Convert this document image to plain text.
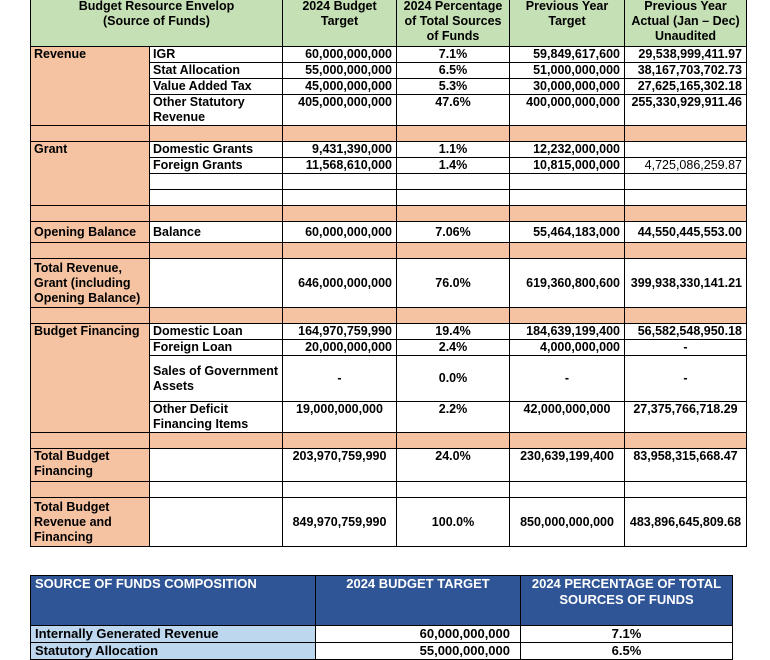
Budget Resource Envelop
(Source of Funds)		2024 Budget Target	2024 Percentage of Total Sources of Funds	Previous Year Target	Previous Year Actual (Jan – Dec) Unaudited
Revenue	IGR	60,000,000,000	7.1%	59,849,617,600	29,538,999,411.97
	Stat Allocation	55,000,000,000	6.5%	51,000,000,000	38,167,703,702.73
	Value Added Tax	45,000,000,000	5.3%	30,000,000,000	27,625,165,302.18
	Other Statutory Revenue	405,000,000,000	47.6%	400,000,000,000	255,330,929,911.46

Grant	Domestic Grants	9,431,390,000	1.1%	12,232,000,000	
	Foreign Grants	11,568,610,000	1.4%	10,815,000,000	4,725,086,259.87

Opening Balance	Balance	60,000,000,000	7.06%	55,464,183,000	44,550,445,553.00

Total Revenue, Grant (including Opening Balance)		646,000,000,000	76.0%	619,360,800,600	399,938,330,141.21

Budget Financing	Domestic Loan	164,970,759,990	19.4%	184,639,199,400	56,582,548,950.18
	Foreign Loan	20,000,000,000	2.4%	4,000,000,000	-
	Sales of Government Assets	-	0.0%	-	-
	Other Deficit Financing Items	19,000,000,000	2.2%	42,000,000,000	27,375,766,718.29

Total Budget Financing		203,970,759,990	24.0%	230,639,199,400	83,958,315,668.47

Total Budget Revenue and Financing		849,970,759,990	100.0%	850,000,000,000	483,896,645,809.68
SOURCE OF FUNDS COMPOSITION	2024 BUDGET TARGET	2024 PERCENTAGE OF TOTAL SOURCES OF FUNDS
Internally Generated Revenue	60,000,000,000	7.1%
Statutory Allocation	55,000,000,000	6.5%
